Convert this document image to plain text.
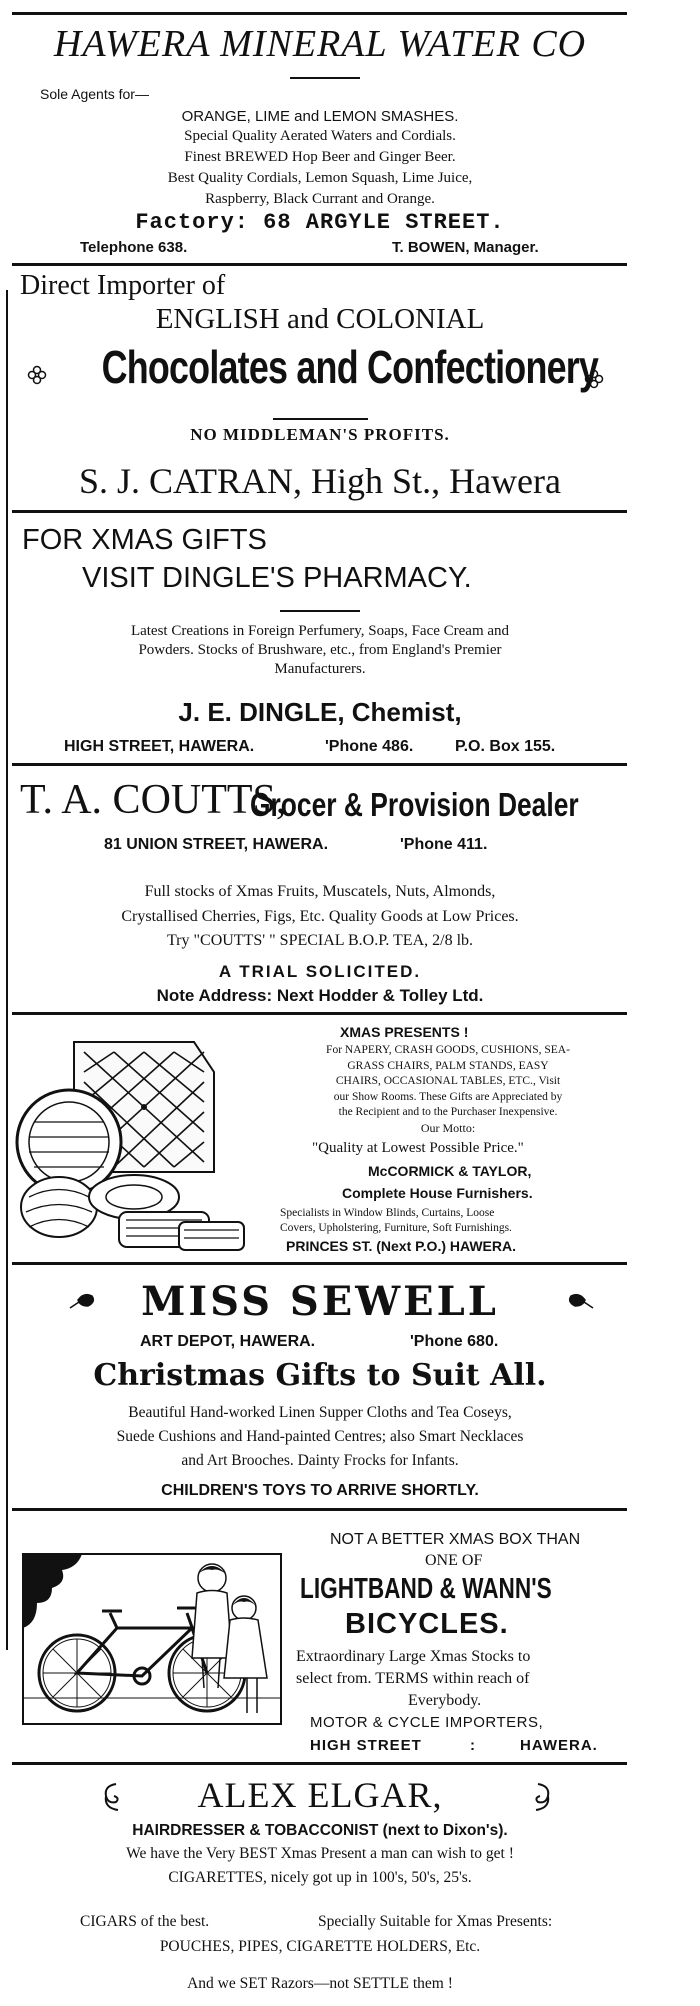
HAWERA MINERAL WATER CO
Sole Agents for—
ORANGE, LIME and LEMON SMASHES.
Special Quality Aerated Waters and Cordials.
Finest BREWED Hop Beer and Ginger Beer.
Best Quality Cordials, Lemon Squash, Lime Juice,
Raspberry, Black Currant and Orange.
Factory: 68 ARGYLE STREET.
Telephone 638.	T. BOWEN, Manager.
Direct Importer of
ENGLISH and COLONIAL
Chocolates and Confectionery
NO MIDDLEMAN'S PROFITS.
S. J. CATRAN, High St., Hawera
FOR XMAS GIFTS
VISIT DINGLE'S PHARMACY.
Latest Creations in Foreign Perfumery, Soaps, Face Cream and
Powders. Stocks of Brushware, etc., from England's Premier
Manufacturers.
J. E. DINGLE, Chemist,
HIGH STREET, HAWERA.	'Phone 486.	P.O. Box 155.
T. A. COUTTS,
Grocer & Provision Dealer
81 UNION STREET, HAWERA.	'Phone 411.
Full stocks of Xmas Fruits, Muscatels, Nuts, Almonds,
Crystallised Cherries, Figs, Etc. Quality Goods at Low Prices.
Try "COUTTS' " SPECIAL B.O.P. TEA, 2/8 lb.
A TRIAL SOLICITED.
Note Address: Next Hodder & Tolley Ltd.
XMAS PRESENTS !
For NAPERY, CRASH GOODS, CUSHIONS, SEA-
GRASS CHAIRS, PALM STANDS, EASY
CHAIRS, OCCASIONAL TABLES, ETC., Visit
our Show Rooms. These Gifts are Appreciated by
the Recipient and to the Purchaser Inexpensive.
Our Motto:
"Quality at Lowest Possible Price."
McCORMICK & TAYLOR,
Complete House Furnishers.
Specialists in Window Blinds, Curtains, Loose
Covers, Upholstering, Furniture, Soft Furnishings.
PRINCES ST. (Next P.O.) HAWERA.
MISS SEWELL
ART DEPOT, HAWERA.	'Phone 680.
Christmas Gifts to Suit All.
Beautiful Hand-worked Linen Supper Cloths and Tea Coseys,
Suede Cushions and Hand-painted Centres; also Smart Necklaces
and Art Brooches. Dainty Frocks for Infants.
CHILDREN'S TOYS TO ARRIVE SHORTLY.
NOT A BETTER XMAS BOX THAN
ONE OF
LIGHTBAND & WANN'S
BICYCLES.
Extraordinary Large Xmas Stocks to
select from. TERMS within reach of
Everybody.
MOTOR & CYCLE IMPORTERS,
HIGH STREET	:	HAWERA.
ALEX ELGAR,
HAIRDRESSER & TOBACCONIST (next to Dixon's).
We have the Very BEST Xmas Present a man can wish to get !
CIGARETTES, nicely got up in 100's, 50's, 25's.
CIGARS of the best.	Specially Suitable for Xmas Presents:
POUCHES, PIPES, CIGARETTE HOLDERS, Etc.
And we SET Razors—not SETTLE them !
